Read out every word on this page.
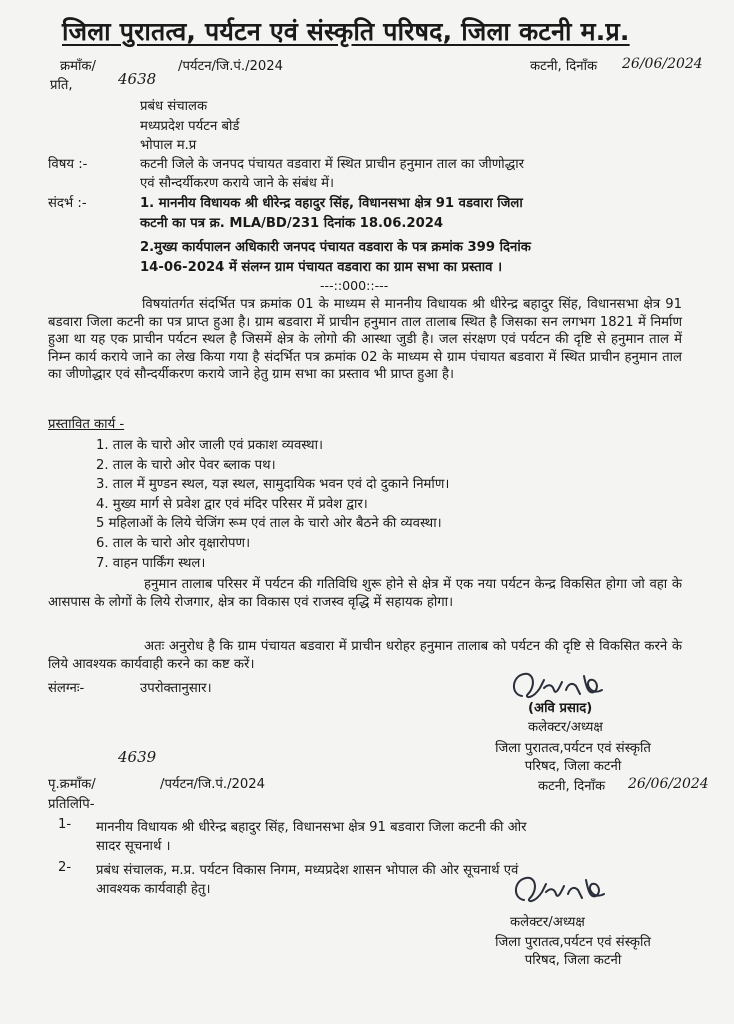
जिला पुरातत्व, पर्यटन एवं संस्कृति परिषद, जिला कटनी म.प्र.
क्रमाँक/	/पर्यटन/जि.पं./2024	कटनी, दिनाँक 26/06/2024
प्रति,	4638
प्रबंध संचालक
मध्यप्रदेश पर्यटन बोर्ड
भोपाल म.प्र
विषय :-	कटनी जिले के जनपद पंचायत वडवारा में स्थित प्राचीन हनुमान ताल का जीणोद्धार
एवं सौन्दर्यीकरण कराये जाने के संबंध में।
संदर्भ :-	1. माननीय विधायक श्री धीरेन्द्र वहादुर सिंह, विधानसभा क्षेत्र 91 वडवारा जिला
कटनी का पत्र क्र. MLA/BD/231 दिनांक 18.06.2024
2.मुख्य कार्यपालन अधिकारी जनपद पंचायत वडवारा के पत्र क्रमांक 399 दिनांक
14-06-2024 में संलग्न ग्राम पंचायत वडवारा का ग्राम सभा का प्रस्ताव ।
---::000::---
विषयांतर्गत संदर्भित पत्र क्रमांक 01 के माध्यम से माननीय विधायक श्री धीरेन्द्र बहादुर सिंह, विधानसभा क्षेत्र 91 बडवारा जिला कटनी का पत्र प्राप्त हुआ है। ग्राम बडवारा में प्राचीन हनुमान ताल तालाब स्थित है जिसका सन लगभग 1821 में निर्माण हुआ था यह एक प्राचीन पर्यटन स्थल है जिसमें क्षेत्र के लोगो की आस्था जुडी है। जल संरक्षण एवं पर्यटन की दृष्टि से हनुमान ताल में निम्न कार्य कराये जाने का लेख किया गया है संदर्भित पत्र क्रमांक 02 के माध्यम से ग्राम पंचायत बडवारा में स्थित प्राचीन हनुमान ताल का जीणोद्धार एवं सौन्दर्यीकरण कराये जाने हेतु ग्राम सभा का प्रस्ताव भी प्राप्त हुआ है।
प्रस्तावित कार्य -
1. ताल के चारो ओर जाली एवं प्रकाश व्यवस्था।
2. ताल के चारो ओर पेवर ब्लाक पथ।
3. ताल में मुण्डन स्थल, यज्ञ स्थल, सामुदायिक भवन एवं दो दुकाने निर्माण।
4. मुख्य मार्ग से प्रवेश द्वार एवं मंदिर परिसर में प्रवेश द्वार।
5 महिलाओं के लिये चेजिंग रूम एवं ताल के चारो ओर बैठने की व्यवस्था।
6. ताल के चारो ओर वृक्षारोपण।
7. वाहन पार्किंग स्थल।
हनुमान तालाब परिसर में पर्यटन की गतिविधि शुरू होने से क्षेत्र में एक नया पर्यटन केन्द्र विकसित होगा जो वहा के आसपास के लोगों के लिये रोजगार, क्षेत्र का विकास एवं राजस्व वृद्धि में सहायक होगा।
अतः अनुरोध है कि ग्राम पंचायत बडवारा में प्राचीन धरोहर हनुमान तालाब को पर्यटन की दृष्टि से विकसित करने के लिये आवश्यक कार्यवाही करने का कष्ट करें।
संलग्नः-	उपरोक्तानुसार।
(अवि प्रसाद)
कलेक्टर/अध्यक्ष
जिला पुरातत्व,पर्यटन एवं संस्कृति
परिषद, जिला कटनी
4639
पृ.क्रमाँक/	/पर्यटन/जि.पं./2024	कटनी, दिनाँक 26/06/2024
प्रतिलिपि-
1- माननीय विधायक श्री धीरेन्द्र बहादुर सिंह, विधानसभा क्षेत्र 91 बडवारा जिला कटनी की ओर
सादर सूचनार्थ ।
2- प्रबंध संचालक, म.प्र. पर्यटन विकास निगम, मध्यप्रदेश शासन भोपाल की ओर सूचनार्थ एवं
आवश्यक कार्यवाही हेतु।
कलेक्टर/अध्यक्ष
जिला पुरातत्व,पर्यटन एवं संस्कृति
परिषद, जिला कटनी
